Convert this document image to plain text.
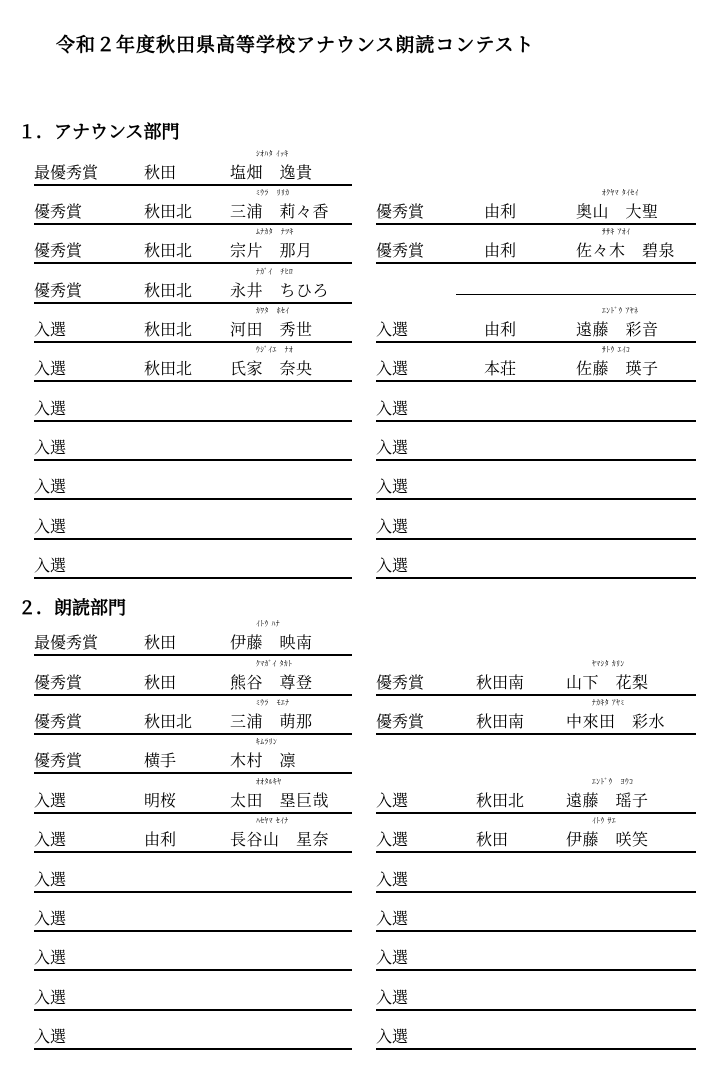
令和２年度秋田県高等学校アナウンス朗読コンテスト
１．アナウンス部門
２．朗読部門
ｼｵﾊﾀ ｲｯｷ
最優秀賞	秋田	塩畑　逸貴
ﾐｳﾗ　ﾘﾘｶ
優秀賞	秋田北 三浦　莉々香
ﾑﾅｶﾀ　ﾅﾂｷ
優秀賞	秋田北 宗片　那月
ﾅｶﾞｲ　ﾁﾋﾛ
優秀賞	秋田北 永井　ちひろ
ｶﾜﾀ　ﾎｾｲ
入選	秋田北 河田　秀世
ｳｼﾞｲｴ　ﾅｵ
入選	秋田北 氏家　奈央
入選
入選
入選
入選
入選
ｵｸﾔﾏ ﾀｲｾｲ
優秀賞	由利	奥山　大聖
ｻｻｷ ｱｵｲ
優秀賞	由利	佐々木　碧泉
ｴﾝﾄﾞｳ ｱﾔﾈ
入選	由利	遠藤　彩音
ｻﾄｳ ｴｲｺ
入選	本荘	佐藤　瑛子
入選
入選
入選
入選
入選
ｲﾄｳ ﾊﾅ
最優秀賞	秋田	伊藤　映南
ｸﾏｶﾞｲ ﾀｶﾄ
優秀賞	秋田	熊谷　尊登
ﾐｳﾗ　ﾓｴﾅ
優秀賞	秋田北 三浦　萌那
ｷﾑﾗﾘﾝ
優秀賞	横手	木村　凛
ｵｵﾀﾙｷﾔ
入選	明桜	太田　塁巨哉
ﾊｾﾔﾏ ｾｲﾅ
入選	由利	長谷山　星奈
入選
入選
入選
入選
入選
ﾔﾏｼﾀ ｶﾘﾝ
優秀賞	秋田南	山下　花梨
ﾅｶｷﾀ ｱﾔﾐ
優秀賞	秋田南	中來田　彩水
ｴﾝﾄﾞｳ　ﾖｳｺ
入選	秋田北	遠藤　瑶子
ｲﾄｳ ｻｴ
入選	秋田	伊藤　咲笑
入選
入選
入選
入選
入選
